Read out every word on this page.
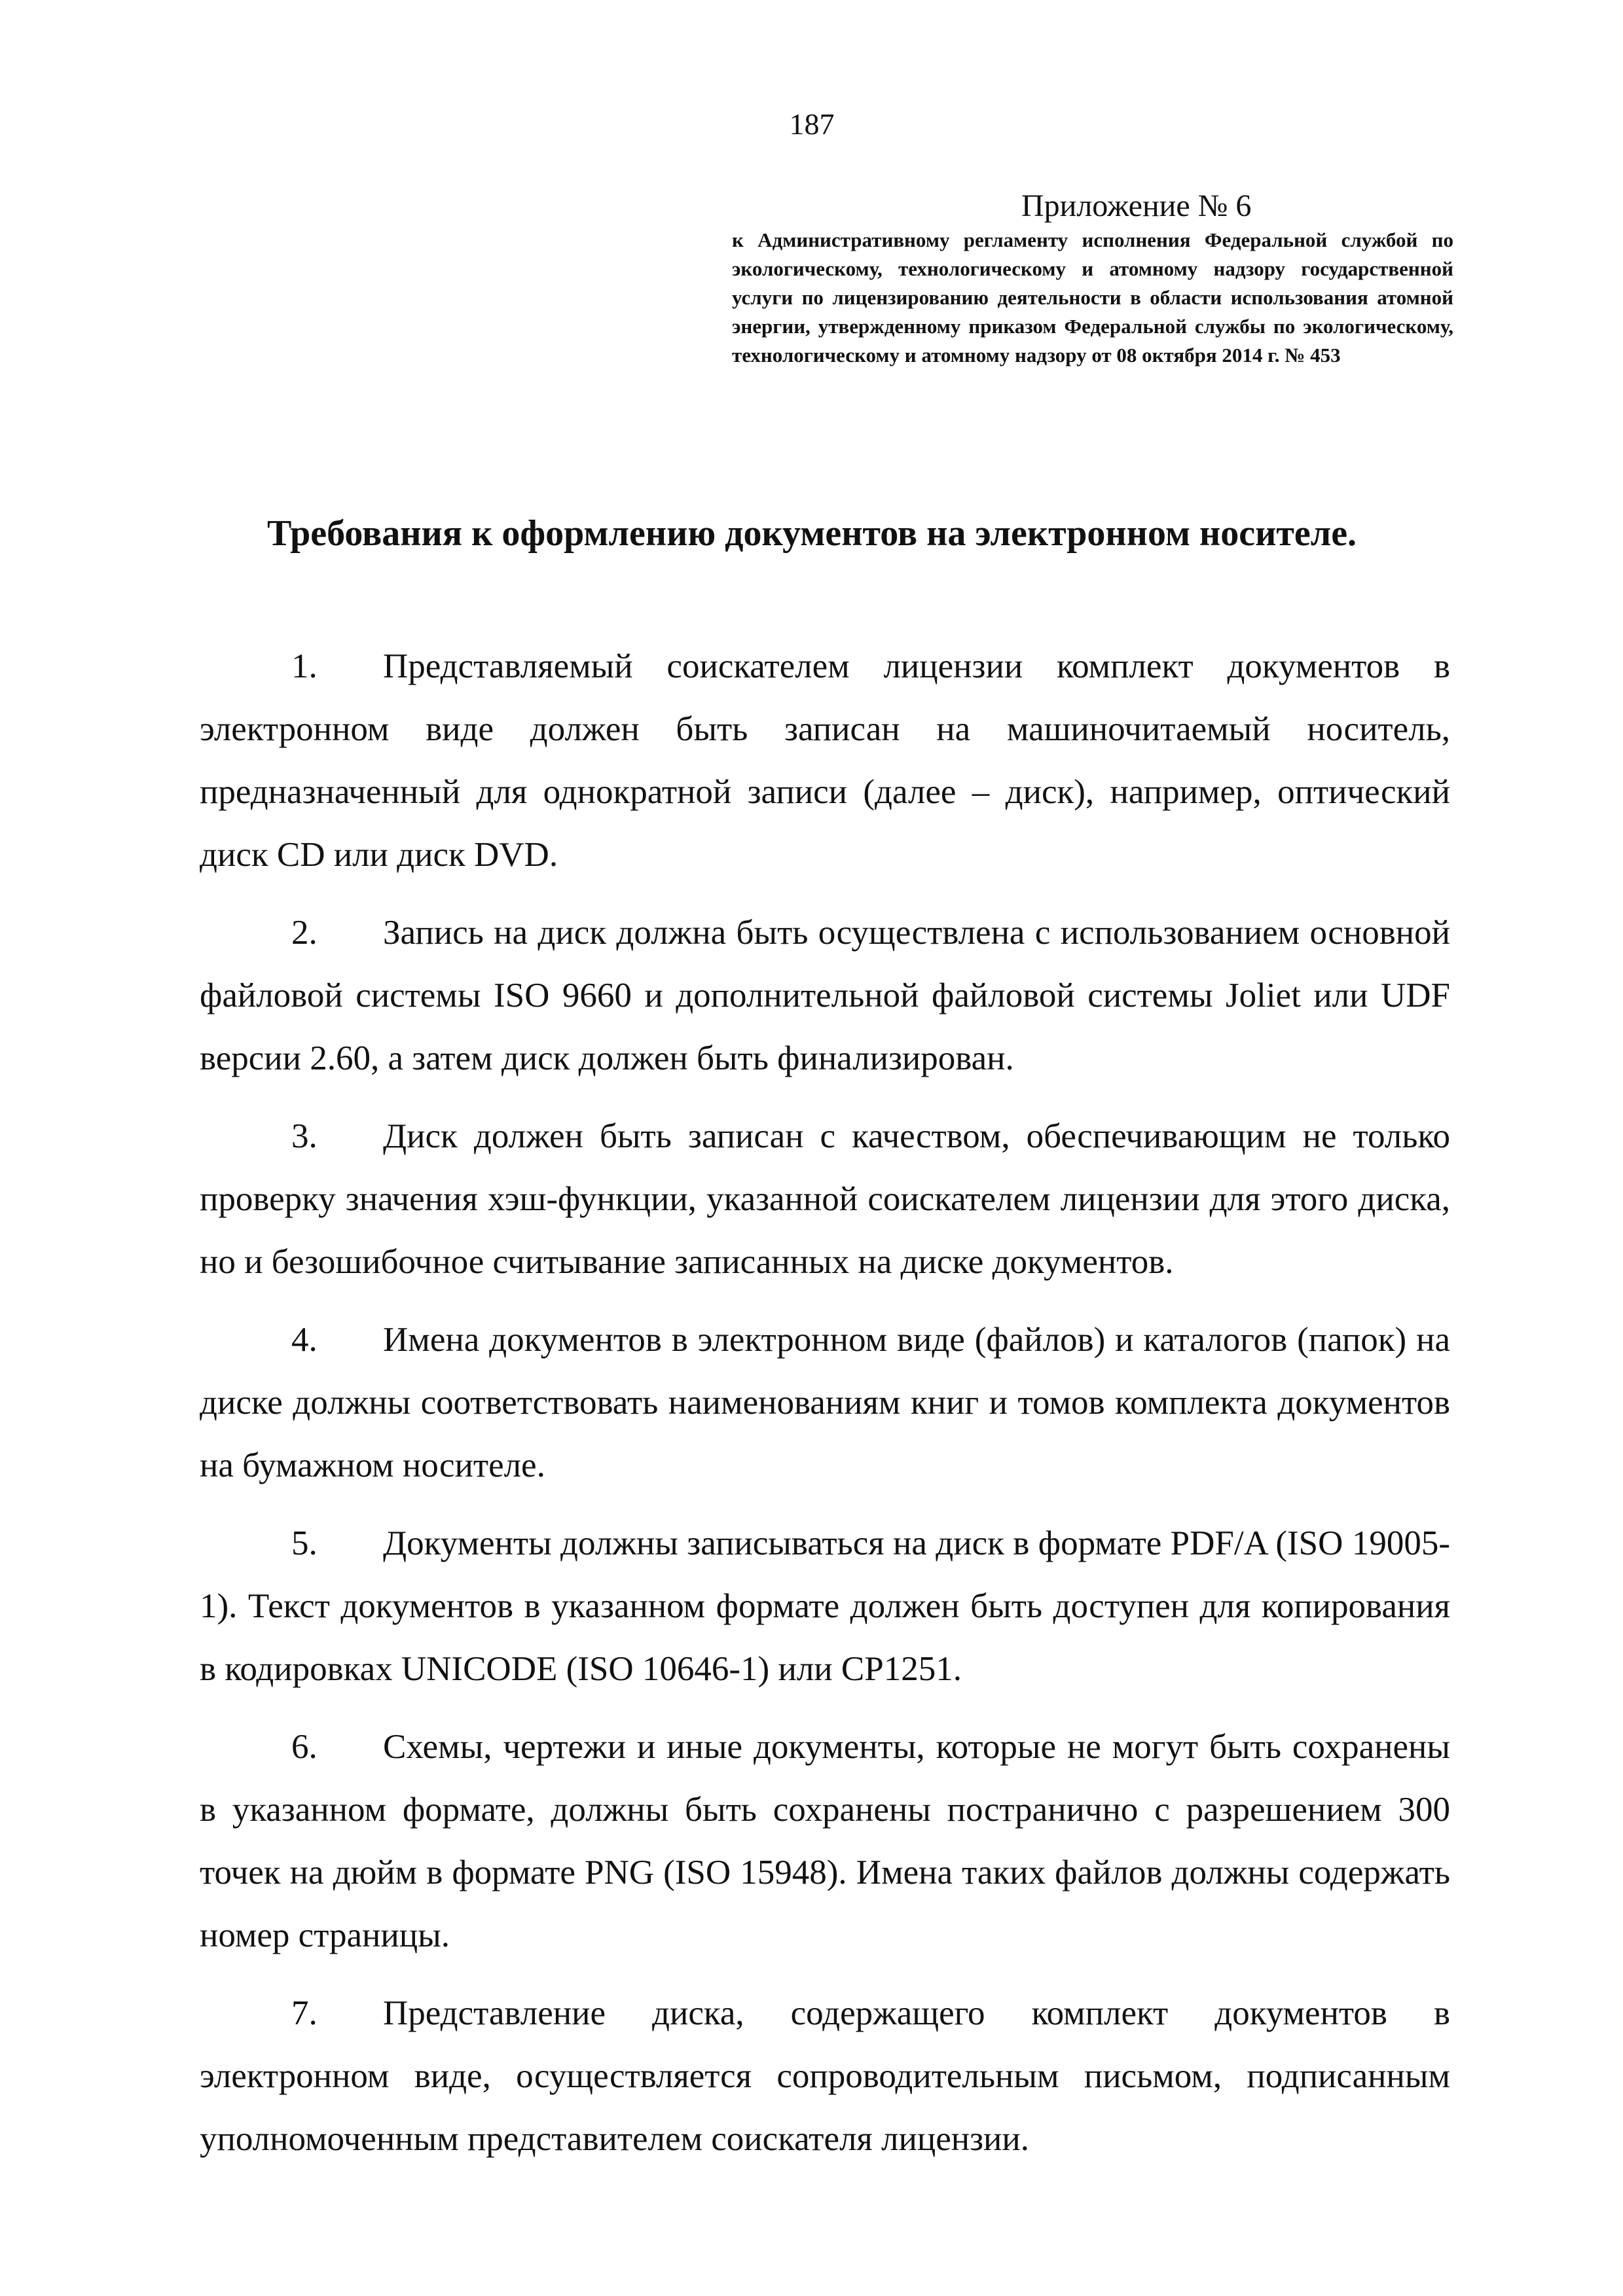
187
Приложение № 6
к Административному регламенту исполнения Федеральной службой по экологическому, технологическому и атомному надзору государственной услуги по лицензированию деятельности в области использования атомной энергии, утвержденному приказом Федеральной службы по экологическому, технологическому и атомному надзору от 08 октября 2014 г. № 453
Требования к оформлению документов на электронном носителе.

1. Представляемый соискателем лицензии комплект документов в электронном виде должен быть записан на машиночитаемый носитель, предназначенный для однократной записи (далее – диск), например, оптический диск CD или диск DVD.

2. Запись на диск должна быть осуществлена с использованием основной файловой системы ISO 9660 и дополнительной файловой системы Joliet или UDF версии 2.60, а затем диск должен быть финализирован.

3. Диск должен быть записан с качеством, обеспечивающим не только проверку значения хэш-функции, указанной соискателем лицензии для этого диска, но и безошибочное считывание записанных на диске документов.

4. Имена документов в электронном виде (файлов) и каталогов (папок) на диске должны соответствовать наименованиям книг и томов комплекта документов на бумажном носителе.

5. Документы должны записываться на диск в формате PDF/A (ISO 19005-1). Текст документов в указанном формате должен быть доступен для копирования в кодировках UNICODE (ISO 10646-1) или CP1251.

6. Схемы, чертежи и иные документы, которые не могут быть сохранены в указанном формате, должны быть сохранены постранично с разрешением 300 точек на дюйм в формате PNG (ISO 15948). Имена таких файлов должны содержать номер страницы.

7. Представление диска, содержащего комплект документов в электронном виде, осуществляется сопроводительным письмом, подписанным уполномоченным представителем соискателя лицензии.
